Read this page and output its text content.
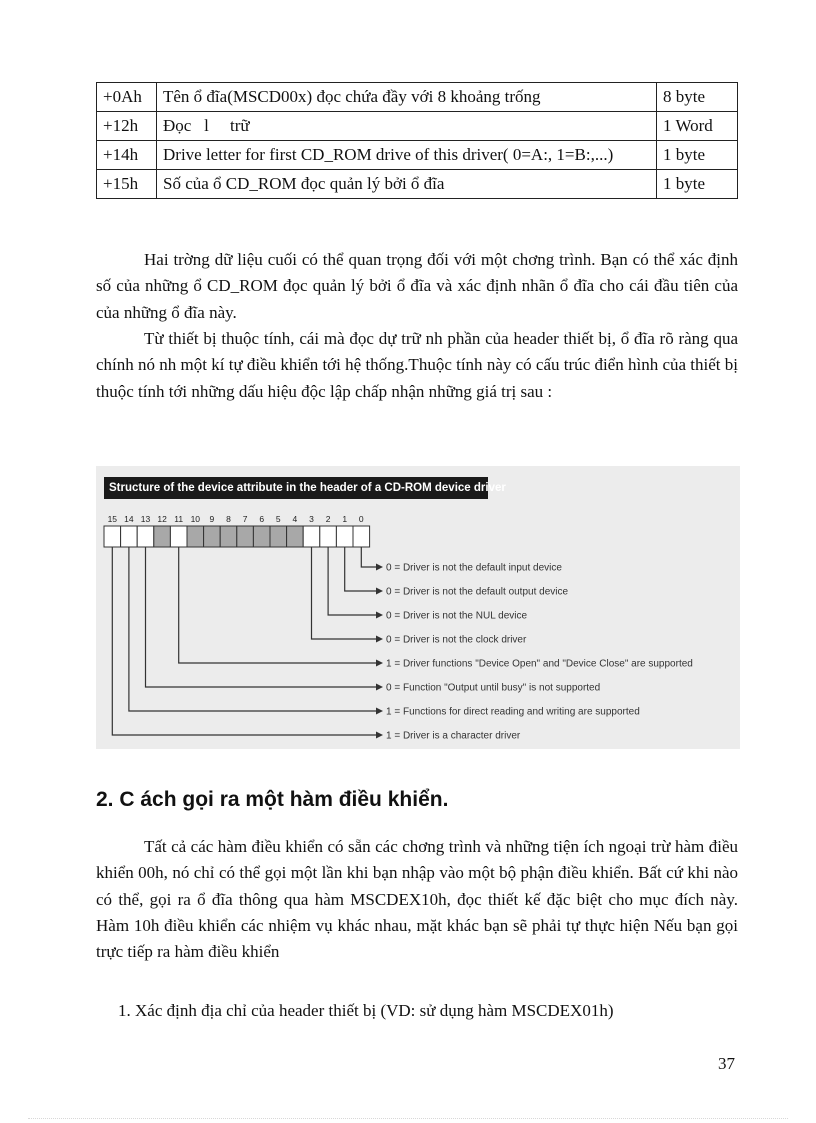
+0Ah	Tên ổ đĩa(MSCD00x) đọc chứa đầy với 8 khoảng trống	8 byte
+12h	Đọc   l     trữ	1 Word
+14h	Drive letter for first CD_ROM drive of this driver( 0=A:, 1=B:,...)	1 byte
+15h	Số của ổ CD_ROM đọc quản lý bởi ổ đĩa	1 byte

Hai trờng dữ liệu cuối có thể quan trọng đối với một chơng trình. Bạn có thể xác định số của những ổ CD_ROM đọc quản lý bởi ổ đĩa và xác định nhãn ổ đĩa cho cái đầu tiên của của những ổ đĩa này.

Từ thiết bị thuộc tính, cái mà đọc dự trữ nh phần của header thiết bị, ổ đĩa rõ ràng qua chính nó nh một kí tự điều khiển tới hệ thống.Thuộc tính này có cấu trúc điển hình của thiết bị thuộc tính tới những dấu hiệu độc lập chấp nhận những giá trị sau :

15 14 13 12 11 10 9 8 7 6 5 4 3 2 1 0
0 = Driver is not the default input device
0 = Driver is not the default output device
0 = Driver is not the NUL device
0 = Driver is not the clock driver
1 = Driver functions "Device Open" and "Device Close" are supported
0 = Function "Output until busy" is not supported
1 = Functions for direct reading and writing are supported
1 = Driver is a character driver
Structure of the device attribute in the header of a CD-ROM device driver
2. C ách gọi ra một hàm điều khiển.

Tất cả các hàm điều khiển có sẵn các chơng trình và những tiện ích ngoại trừ hàm điều khiển 00h, nó chỉ có thể gọi một lần khi bạn nhập vào một bộ phận điều khiển. Bất cứ khi nào có thể, gọi ra ổ đĩa thông qua hàm MSCDEX10h, đọc thiết kế đặc biệt cho mục đích này. Hàm 10h điều khiển các nhiệm vụ khác nhau, mặt khác bạn sẽ phải tự thực hiện Nếu bạn gọi trực tiếp ra hàm điều khiển

1. Xác định địa chỉ của header thiết bị (VD: sử dụng hàm MSCDEX01h)

37
